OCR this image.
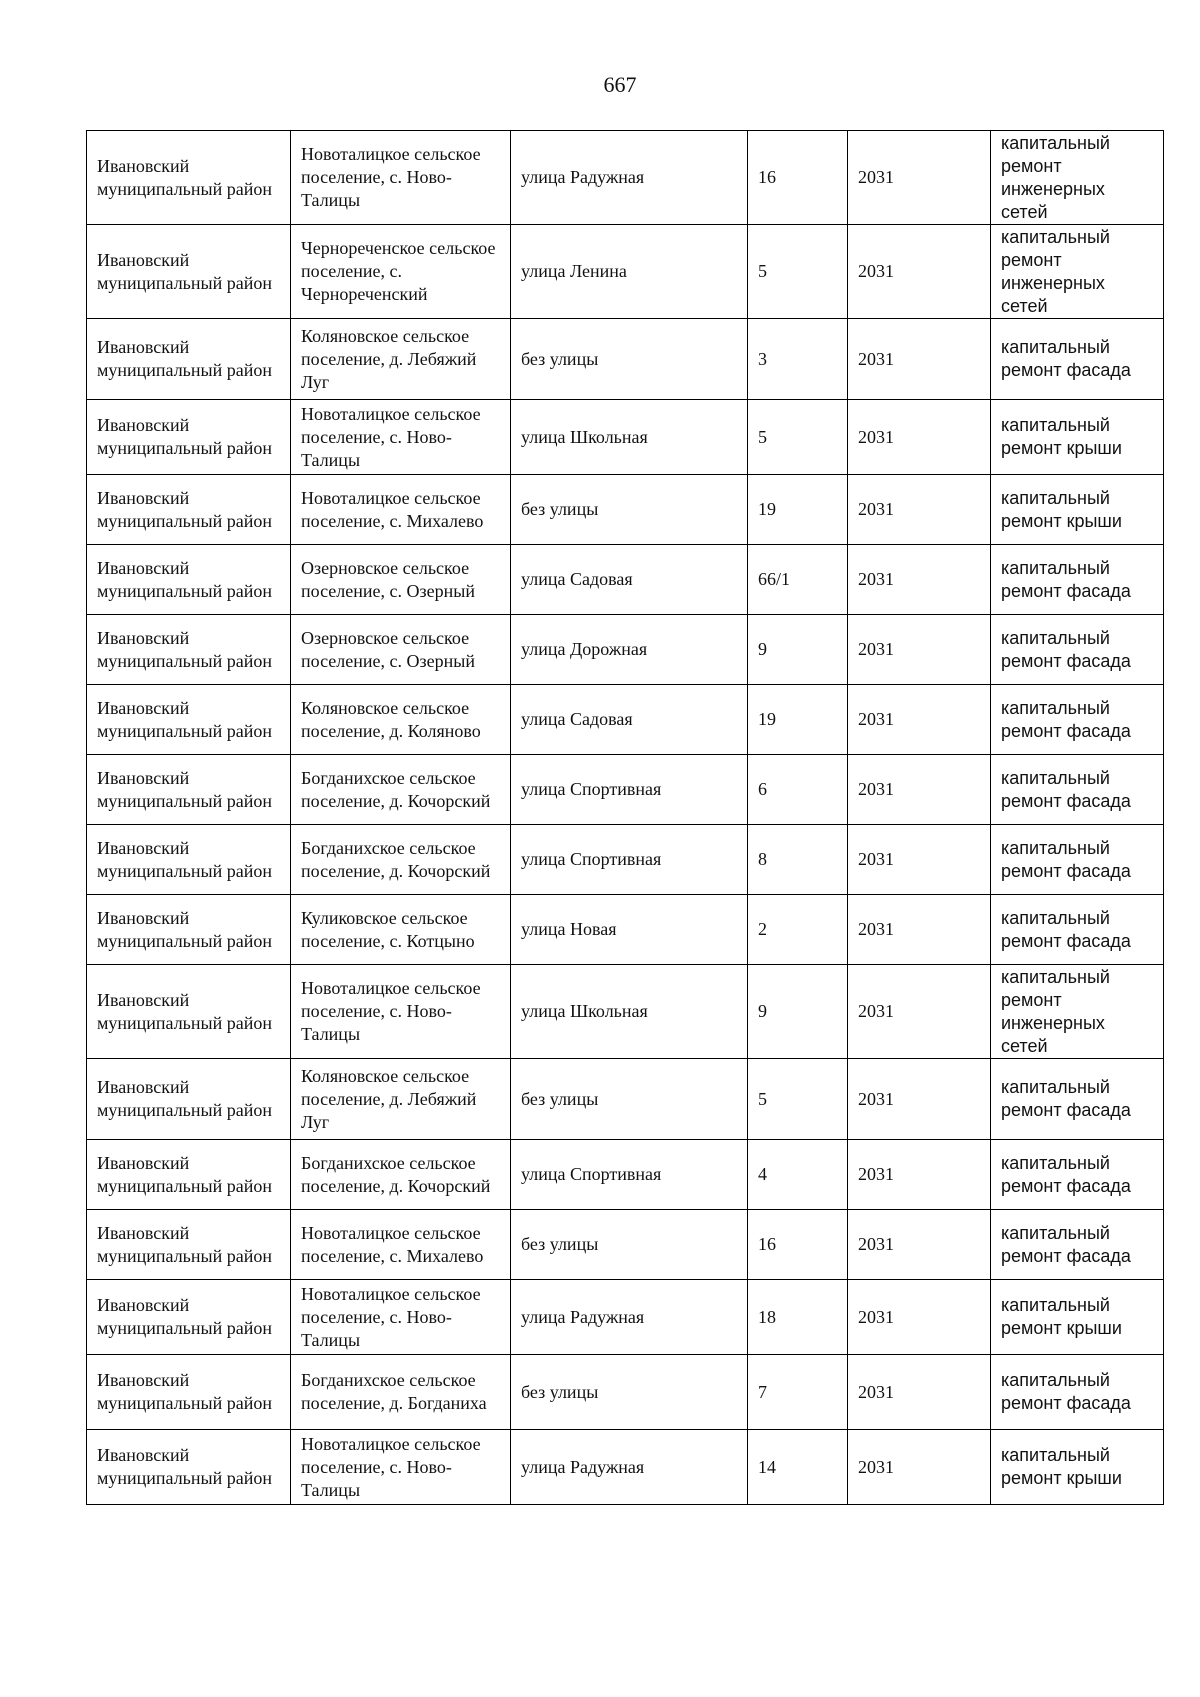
667
Ивановский муниципальный район	Новоталицкое сельское поселение, с. Ново-Талицы	улица Радужная	16	2031	капитальный ремонт инженерных сетей
Ивановский муниципальный район	Чернореченское сельское поселение, с. Чернореченский	улица Ленина	5	2031	капитальный ремонт инженерных сетей
Ивановский муниципальный район	Коляновское сельское поселение, д. Лебяжий Луг	без улицы	3	2031	капитальный ремонт фасада
Ивановский муниципальный район	Новоталицкое сельское поселение, с. Ново-Талицы	улица Школьная	5	2031	капитальный ремонт крыши
Ивановский муниципальный район	Новоталицкое сельское поселение, с. Михалево	без улицы	19	2031	капитальный ремонт крыши
Ивановский муниципальный район	Озерновское сельское поселение, с. Озерный	улица Садовая	66/1	2031	капитальный ремонт фасада
Ивановский муниципальный район	Озерновское сельское поселение, с. Озерный	улица Дорожная	9	2031	капитальный ремонт фасада
Ивановский муниципальный район	Коляновское сельское поселение, д. Коляново	улица Садовая	19	2031	капитальный ремонт фасада
Ивановский муниципальный район	Богданихское сельское поселение, д. Кочорский	улица Спортивная	6	2031	капитальный ремонт фасада
Ивановский муниципальный район	Богданихское сельское поселение, д. Кочорский	улица Спортивная	8	2031	капитальный ремонт фасада
Ивановский муниципальный район	Куликовское сельское поселение, с. Котцыно	улица Новая	2	2031	капитальный ремонт фасада
Ивановский муниципальный район	Новоталицкое сельское поселение, с. Ново-Талицы	улица Школьная	9	2031	капитальный ремонт инженерных сетей
Ивановский муниципальный район	Коляновское сельское поселение, д. Лебяжий Луг	без улицы	5	2031	капитальный ремонт фасада
Ивановский муниципальный район	Богданихское сельское поселение, д. Кочорский	улица Спортивная	4	2031	капитальный ремонт фасада
Ивановский муниципальный район	Новоталицкое сельское поселение, с. Михалево	без улицы	16	2031	капитальный ремонт фасада
Ивановский муниципальный район	Новоталицкое сельское поселение, с. Ново-Талицы	улица Радужная	18	2031	капитальный ремонт крыши
Ивановский муниципальный район	Богданихское сельское поселение, д. Богданиха	без улицы	7	2031	капитальный ремонт фасада
Ивановский муниципальный район	Новоталицкое сельское поселение, с. Ново-Талицы	улица Радужная	14	2031	капитальный ремонт крыши
